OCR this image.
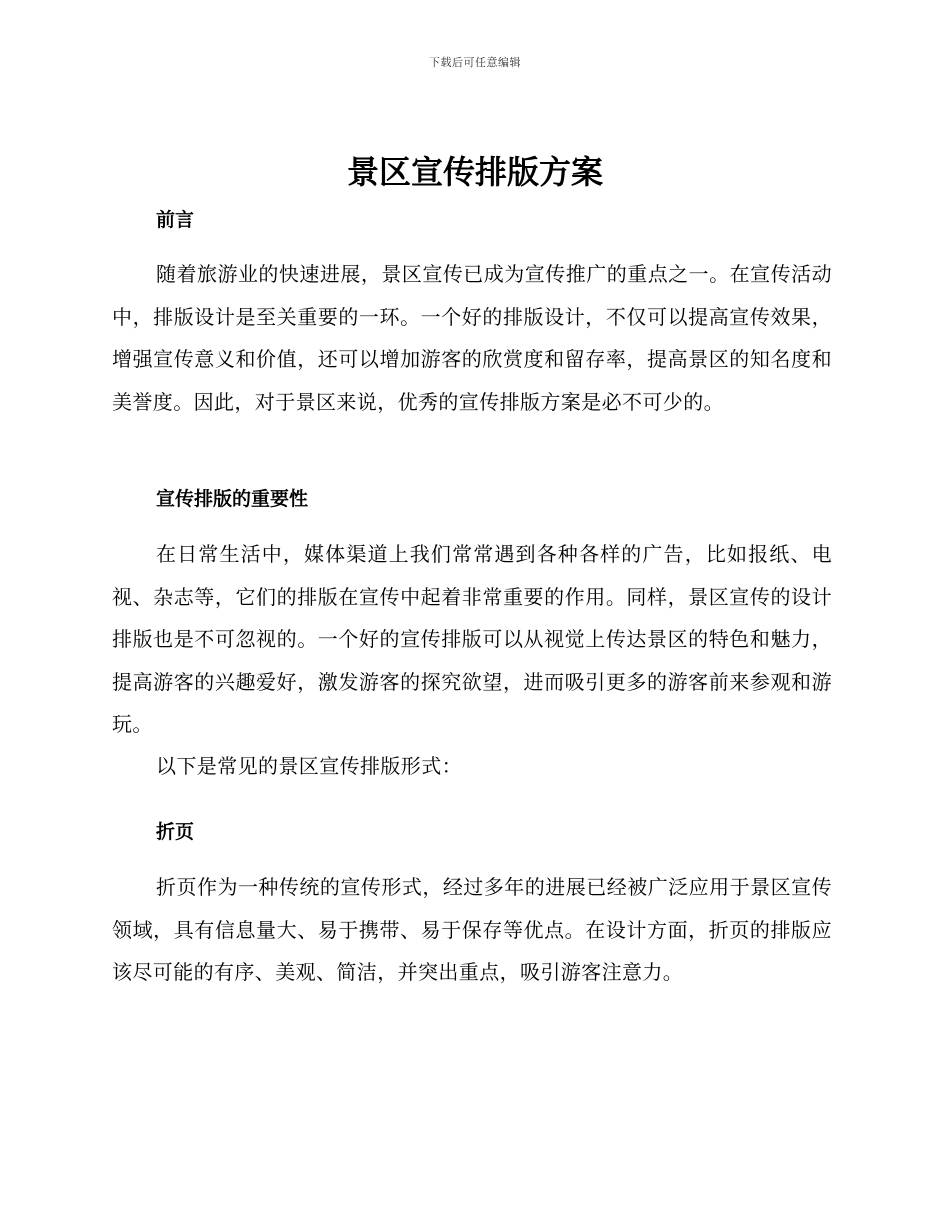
下载后可任意编辑
景区宣传排版方案
前言

随着旅游业的快速进展，景区宣传已成为宣传推广的重点之一。在宣传活动中，排版设计是至关重要的一环。一个好的排版设计，不仅可以提高宣传效果，增强宣传意义和价值，还可以增加游客的欣赏度和留存率，提高景区的知名度和美誉度。因此，对于景区来说，优秀的宣传排版方案是必不可少的。

宣传排版的重要性

在日常生活中，媒体渠道上我们常常遇到各种各样的广告，比如报纸、电视、杂志等，它们的排版在宣传中起着非常重要的作用。同样，景区宣传的设计排版也是不可忽视的。一个好的宣传排版可以从视觉上传达景区的特色和魅力，提高游客的兴趣爱好，激发游客的探究欲望，进而吸引更多的游客前来参观和游玩。

以下是常见的景区宣传排版形式：

折页

折页作为一种传统的宣传形式，经过多年的进展已经被广泛应用于景区宣传领域，具有信息量大、易于携带、易于保存等优点。在设计方面，折页的排版应该尽可能的有序、美观、简洁，并突出重点，吸引游客注意力。
